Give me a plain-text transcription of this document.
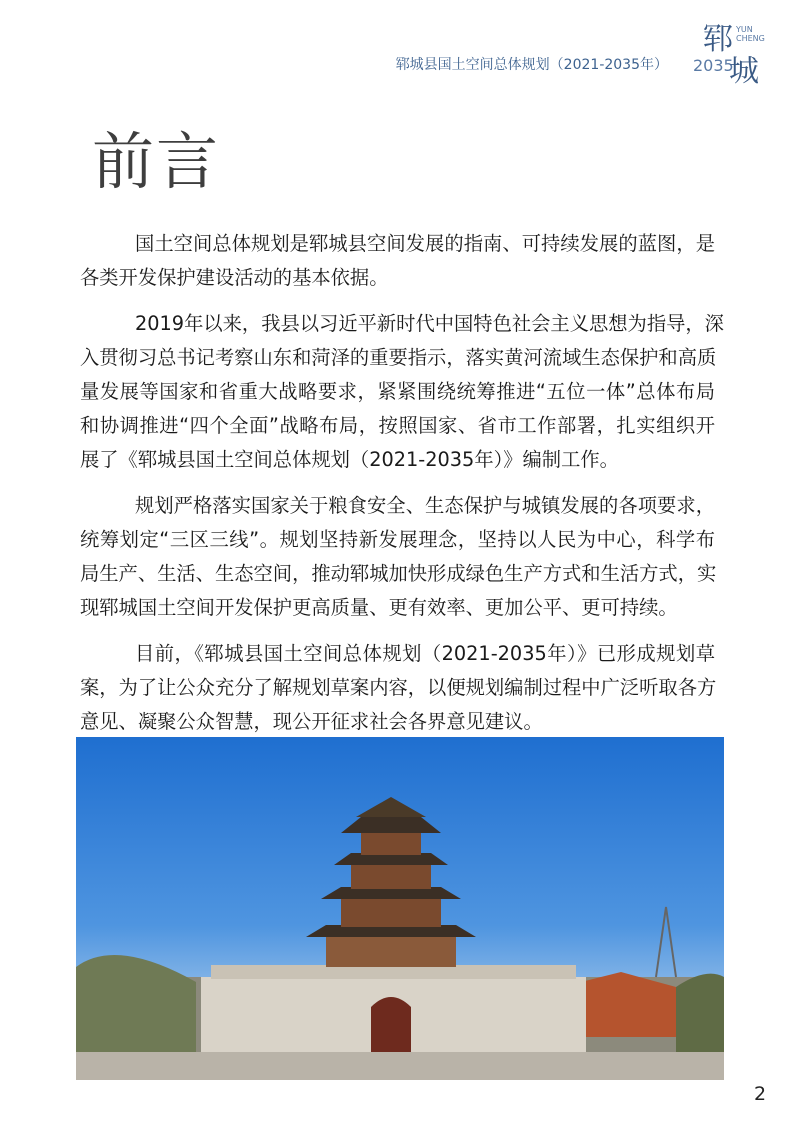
郓城县国土空间总体规划（2021-2035年）
郓 YUN
CHENG
2035
城
前言
国土空间总体规划是郓城县空间发展的指南、可持续发展的蓝图，是
各类开发保护建设活动的基本依据。
2019年以来，我县以习近平新时代中国特色社会主义思想为指导，深
入贯彻习总书记考察山东和菏泽的重要指示，落实黄河流域生态保护和高质
量发展等国家和省重大战略要求，紧紧围绕统筹推进“五位一体”总体布局
和协调推进“四个全面”战略布局，按照国家、省市工作部署，扎实组织开
展了《郓城县国土空间总体规划（2021-2035年）》编制工作。
规划严格落实国家关于粮食安全、生态保护与城镇发展的各项要求，
统筹划定“三区三线”。规划坚持新发展理念，坚持以人民为中心，科学布
局生产、生活、生态空间，推动郓城加快形成绿色生产方式和生活方式，实
现郓城国土空间开发保护更高质量、更有效率、更加公平、更可持续。
目前，《郓城县国土空间总体规划（2021-2035年）》已形成规划草
案，为了让公众充分了解规划草案内容，以便规划编制过程中广泛听取各方
意见、凝聚公众智慧，现公开征求社会各界意见建议。
2
